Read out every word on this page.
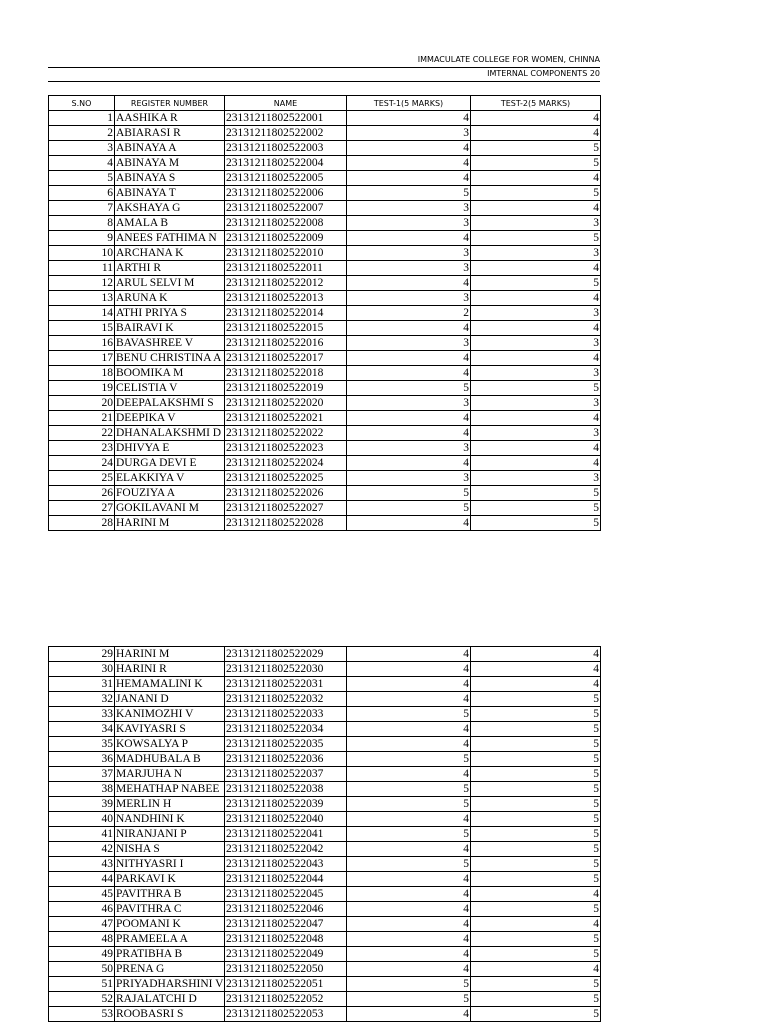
IMMACULATE COLLEGE FOR WOMEN, CHINNA
IMTERNAL COMPONENTS 20
S.NO	REGISTER NUMBER	NAME	TEST-1(5 MARKS)	TEST-2(5 MARKS)
1	AASHIKA R	23131211802522001	4	4
2	ABIARASI R	23131211802522002	3	4
3	ABINAYA A	23131211802522003	4	5
4	ABINAYA M	23131211802522004	4	5
5	ABINAYA S	23131211802522005	4	4
6	ABINAYA T	23131211802522006	5	5
7	AKSHAYA G	23131211802522007	3	4
8	AMALA B	23131211802522008	3	3
9	ANEES FATHIMA N	23131211802522009	4	5
10	ARCHANA K	23131211802522010	3	3
11	ARTHI R	23131211802522011	3	4
12	ARUL SELVI M	23131211802522012	4	5
13	ARUNA K	23131211802522013	3	4
14	ATHI PRIYA S	23131211802522014	2	3
15	BAIRAVI K	23131211802522015	4	4
16	BAVASHREE V	23131211802522016	3	3
17	BENU CHRISTINA A	23131211802522017	4	4
18	BOOMIKA M	23131211802522018	4	3
19	CELISTIA V	23131211802522019	5	5
20	DEEPALAKSHMI S	23131211802522020	3	3
21	DEEPIKA V	23131211802522021	4	4
22	DHANALAKSHMI D	23131211802522022	4	3
23	DHIVYA E	23131211802522023	3	4
24	DURGA DEVI E	23131211802522024	4	4
25	ELAKKIYA V	23131211802522025	3	3
26	FOUZIYA A	23131211802522026	5	5
27	GOKILAVANI M	23131211802522027	5	5
28	HARINI M	23131211802522028	4	5
29	HARINI M	23131211802522029	4	4
30	HARINI R	23131211802522030	4	4
31	HEMAMALINI K	23131211802522031	4	4
32	JANANI D	23131211802522032	4	5
33	KANIMOZHI V	23131211802522033	5	5
34	KAVIYASRI S	23131211802522034	4	5
35	KOWSALYA P	23131211802522035	4	5
36	MADHUBALA B	23131211802522036	5	5
37	MARJUHA N	23131211802522037	4	5
38	MEHATHAP NABEE	23131211802522038	5	5
39	MERLIN H	23131211802522039	5	5
40	NANDHINI K	23131211802522040	4	5
41	NIRANJANI P	23131211802522041	5	5
42	NISHA S	23131211802522042	4	5
43	NITHYASRI I	23131211802522043	5	5
44	PARKAVI K	23131211802522044	4	5
45	PAVITHRA B	23131211802522045	4	4
46	PAVITHRA C	23131211802522046	4	5
47	POOMANI K	23131211802522047	4	4
48	PRAMEELA A	23131211802522048	4	5
49	PRATIBHA B	23131211802522049	4	5
50	PRENA G	23131211802522050	4	4
51	PRIYADHARSHINI V	23131211802522051	5	5
52	RAJALATCHI D	23131211802522052	5	5
53	ROOBASRI S	23131211802522053	4	5
